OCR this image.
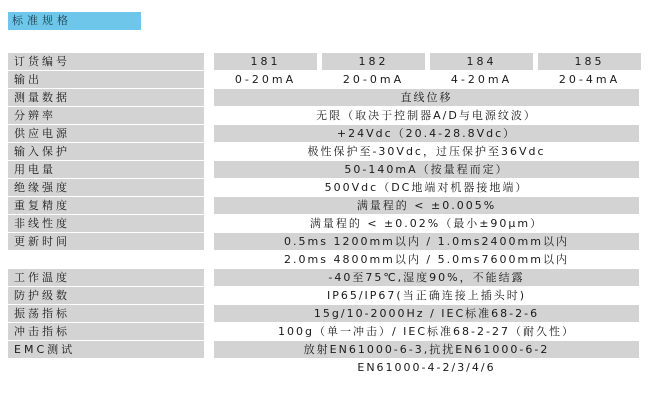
标准规格
订货编号	181	182	184	185
输出	0-20mA	20-0mA	4-20mA	20-4mA
测量数据	直线位移
分辨率	无限（取决于控制器A/D与电源纹波）
供应电源	+24Vdc（20.4-28.8Vdc）
输入保护	极性保护至-30Vdc，过压保护至36Vdc
用电量	50-140mA（按量程而定）
绝缘强度	500Vdc（DC地端对机器接地端）
重复精度	满量程的 < ±0.005%
非线性度	满量程的 < ±0.02%（最小±90μm）
更新时间	0.5ms 1200mm以内 / 1.0ms2400mm以内
2.0ms 4800mm以内 / 5.0ms7600mm以内
工作温度	-40至75℃,湿度90%，不能结露
防护级数	IP65/IP67(当正确连接上插头时)
振荡指标	15g/10-2000Hz / IEC标准68-2-6
冲击指标	100g（单一冲击）/ IEC标准68-2-27（耐久性）
EMC测试	放射EN61000-6-3,抗扰EN61000-6-2
EN61000-4-2/3/4/6
